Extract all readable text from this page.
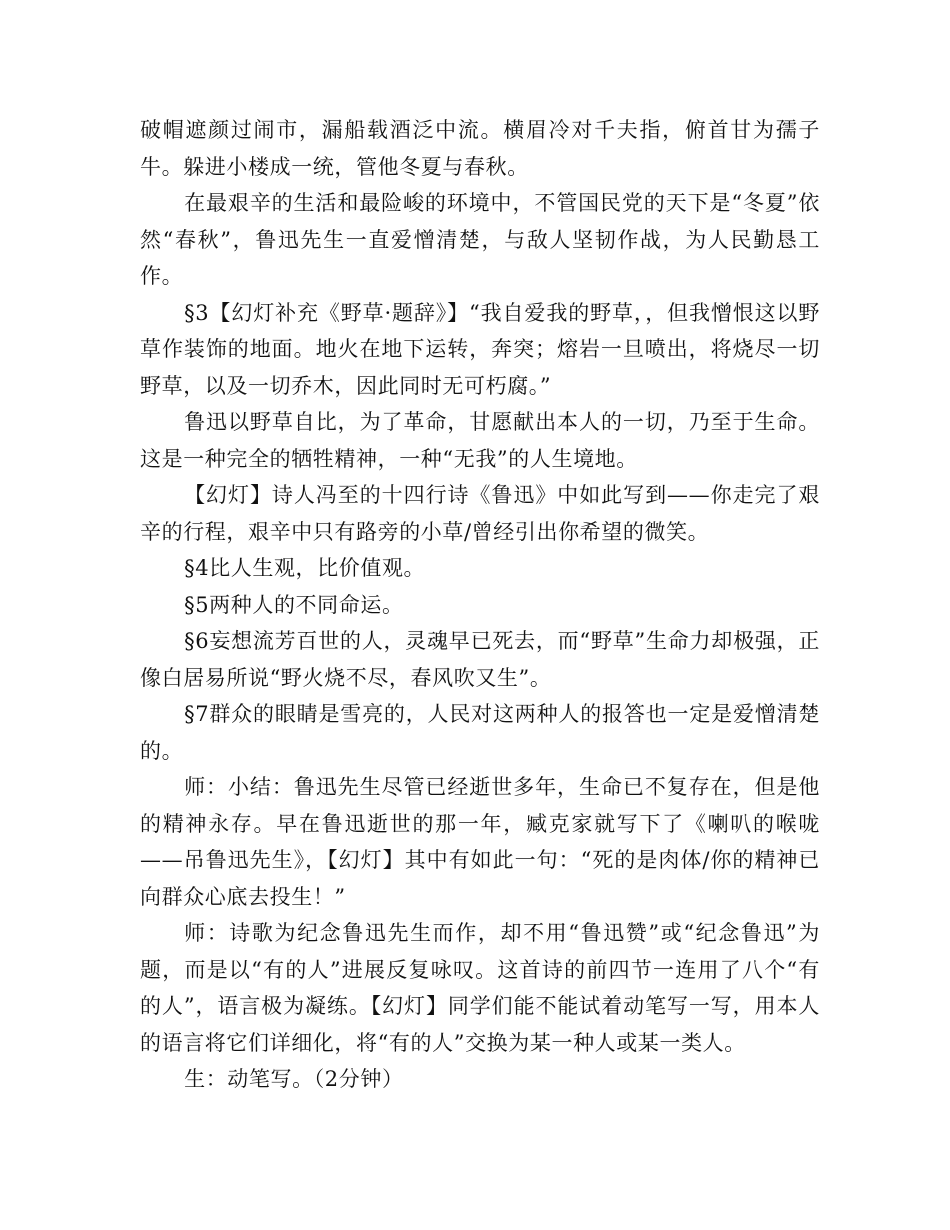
破帽遮颜过闹市，漏船载酒泛中流。横眉冷对千夫指，俯首甘为孺子牛。躲进小楼成一统，管他冬夏与春秋。

在最艰辛的生活和最险峻的环境中，不管国民党的天下是“冬夏”依然“春秋”，鲁迅先生一直爱憎清楚，与敌人坚韧作战，为人民勤恳工作。

§3【幻灯补充《野草·题辞》】“我自爱我的野草，，但我憎恨这以野草作装饰的地面。地火在地下运转，奔突；熔岩一旦喷出，将烧尽一切野草，以及一切乔木，因此同时无可朽腐。”

鲁迅以野草自比，为了革命，甘愿献出本人的一切，乃至于生命。这是一种完全的牺牲精神，一种“无我”的人生境地。

【幻灯】诗人冯至的十四行诗《鲁迅》中如此写到——你走完了艰辛的行程，艰辛中只有路旁的小草/曾经引出你希望的微笑。

§4比人生观，比价值观。

§5两种人的不同命运。

§6妄想流芳百世的人，灵魂早已死去，而“野草”生命力却极强，正像白居易所说“野火烧不尽，春风吹又生”。

§7群众的眼睛是雪亮的，人民对这两种人的报答也一定是爱憎清楚的。

师：小结：鲁迅先生尽管已经逝世多年，生命已不复存在，但是他的精神永存。早在鲁迅逝世的那一年，臧克家就写下了《喇叭的喉咙——吊鲁迅先生》，【幻灯】其中有如此一句：“死的是肉体/你的精神已向群众心底去投生！”

师：诗歌为纪念鲁迅先生而作，却不用“鲁迅赞”或“纪念鲁迅”为题，而是以“有的人”进展反复咏叹。这首诗的前四节一连用了八个“有的人”，语言极为凝练。【幻灯】同学们能不能试着动笔写一写，用本人的语言将它们详细化，将“有的人”交换为某一种人或某一类人。

生：动笔写。（2分钟）
